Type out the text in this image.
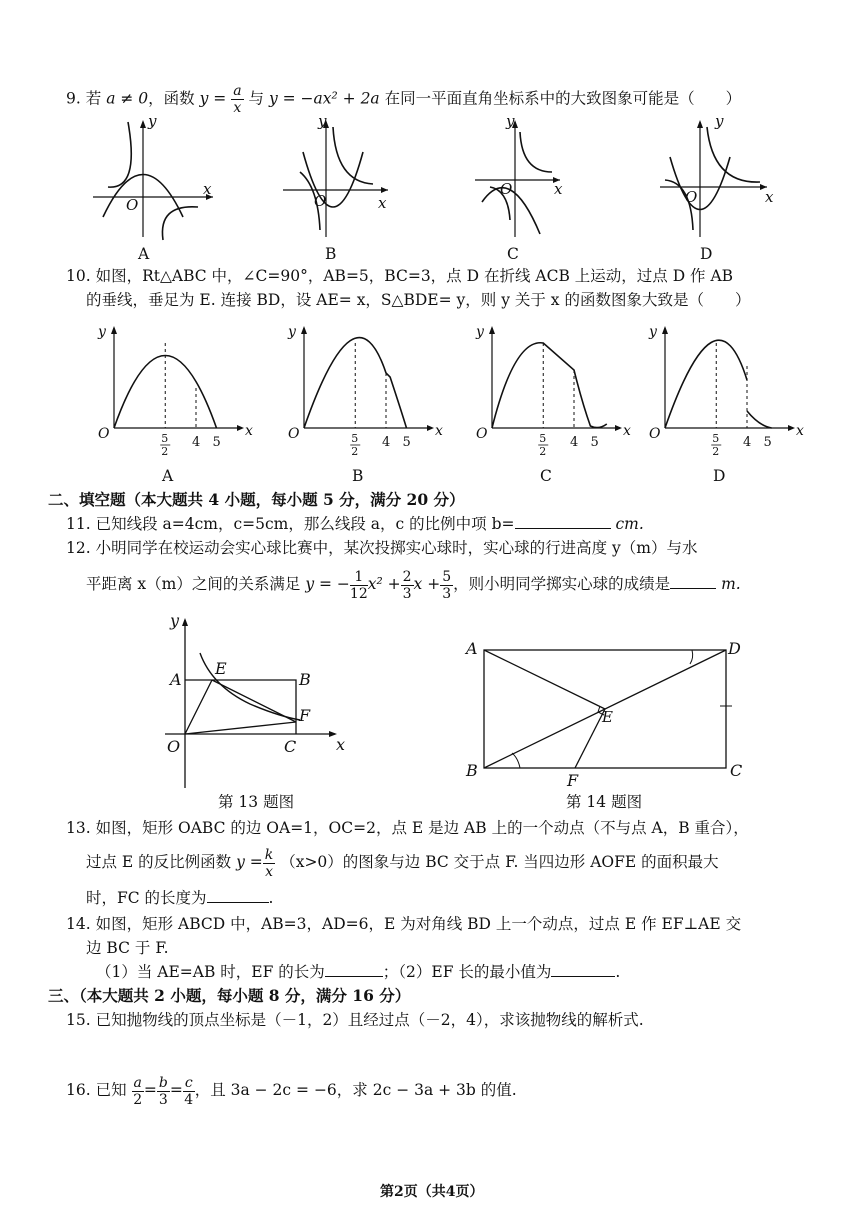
9. 若 a ≠ 0，函数 $y = \frac{a}{x}$ 与 y = −ax² + 2a 在同一平面直角坐标系中的大致图象可能是（　　）
y
x
O
A
y
x
O
B
y
x
O
C
y
x
O
D
10. 如图，Rt△ABC 中，∠C=90°，AB=5，BC=3，点 D 在折线 ACB 上运动，过点 D 作 AB
的垂线，垂足为 E. 连接 BD，设 AE= x，S△BDE= y，则 y 关于 x 的函数图象大致是（　　）
y
x
O	5
2
4 5
A
y
x
O	5
2
4 5
B
y
x
O	5
2
4 5
C
y
x
O	5
2
4 5
D
二、填空题（本大题共 4 小题，每小题 5 分，满分 20 分）
11. 已知线段 a=4cm，c=5cm，那么线段 a，c 的比例中项 b=	cm.
12. 小明同学在校运动会实心球比赛中，某次投掷实心球时，实心球的行进高度 y（m）与水
平距离 x（m）之间的关系满足 y = − $\frac{1}{12} x^2 + \frac{2}{3}$ $x + \frac{5}{3}$ ，则小明同学掷实心球的成绩是	m.
y
x
A
E
B
F
O	C
第 13 题图
A	D
E
B
F
C
第 14 题图
13. 如图，矩形 OABC 的边 OA=1，OC=2，点 E 是边 AB 上的一个动点（不与点 A，B 重合），
过点 E 的反比例函数 $y = \frac{k}{x} (x>0)$的图象与边 BC 交于点 F. 当四边形 AOFE 的面积最大
时，FC 的长度为	.
14. 如图，矩形 ABCD 中，AB=3，AD=6，E 为对角线 BD 上一个动点，过点 E 作 EF⊥AE 交
边 BC 于 F.
（1）当 AE=AB 时，EF 的长为	；（2）EF 长的最小值为	.
三、（本大题共 2 小题，每小题 8 分，满分 16 分）
15. 已知抛物线的顶点坐标是（－1，2）且经过点（－2，4），求该抛物线的解析式.
16. 已知 $\frac{a}{2} = \frac{b}{3} = \frac{c}{4}$ ，且 3a − 2c = −6，求 2c − 3a + 3b 的值.
第2页（共4页）
